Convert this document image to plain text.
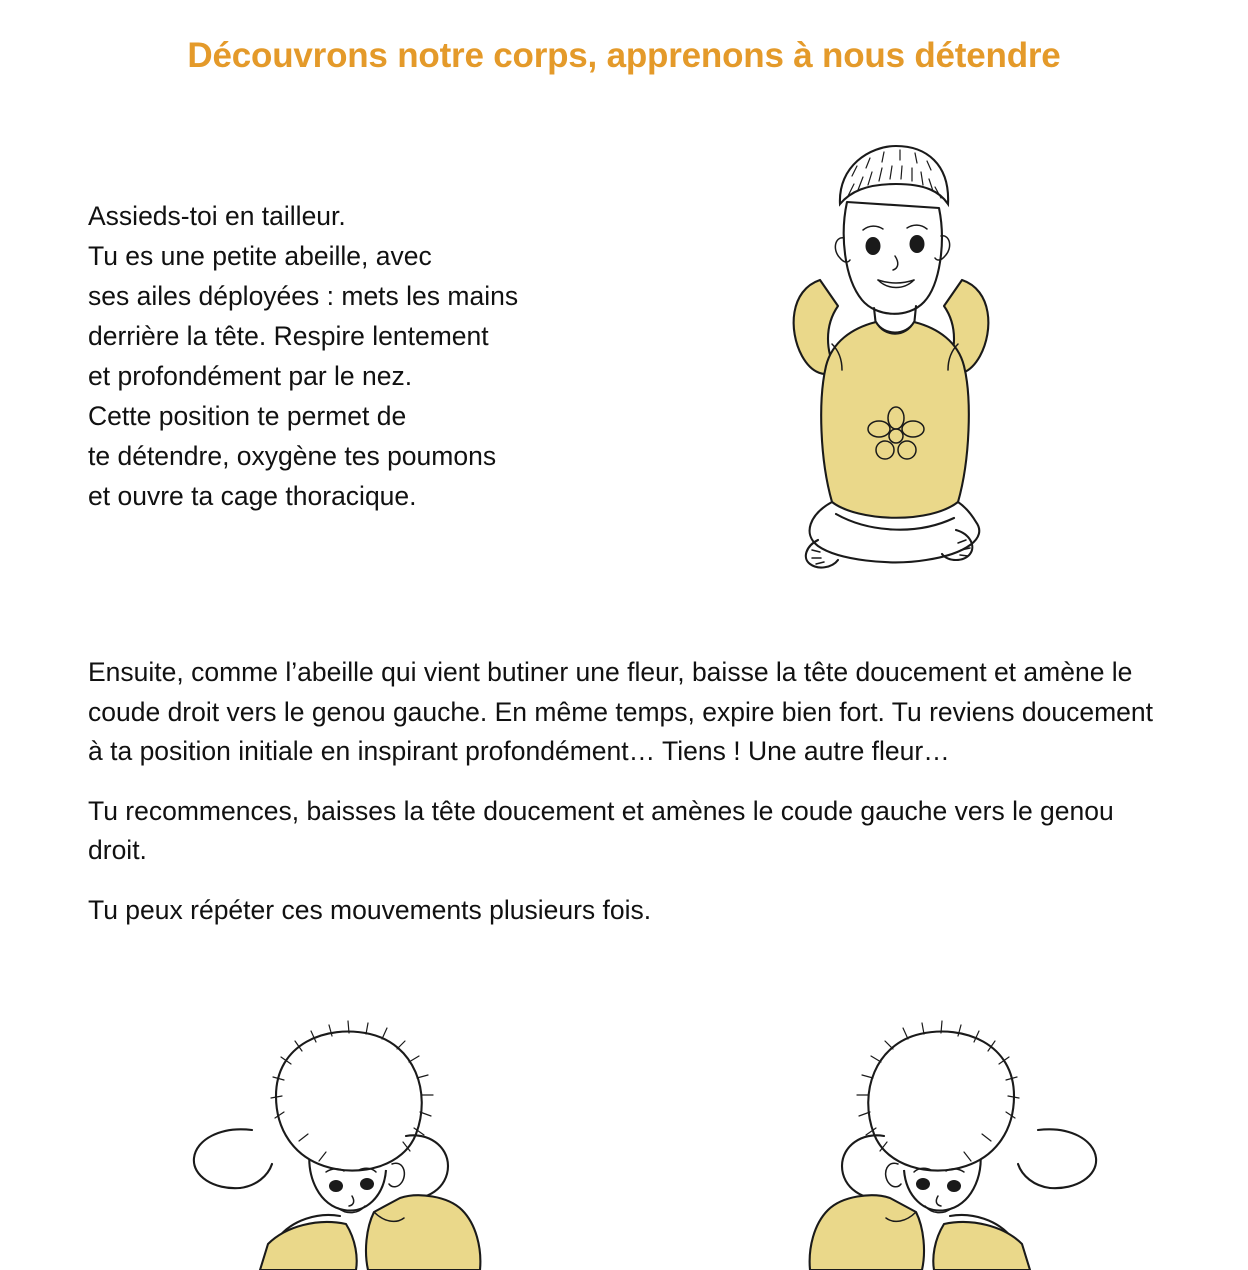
Découvrons notre corps, apprenons à nous détendre
Assieds-toi en tailleur.
Tu es une petite abeille, avec
ses ailes déployées : mets les mains
derrière la tête. Respire lentement
et profondément par le nez.
Cette position te permet de
te détendre, oxygène tes poumons
et ouvre ta cage thoracique.

Ensuite, comme l’abeille qui vient butiner une fleur, baisse la tête doucement et amène le coude droit vers le genou gauche. En même temps, expire bien fort. Tu reviens doucement à ta position initiale en inspirant profondément… Tiens ! Une autre fleur…

Tu recommences, baisses la tête doucement et amènes le coude gauche vers le genou droit.

Tu peux répéter ces mouvements plusieurs fois.
